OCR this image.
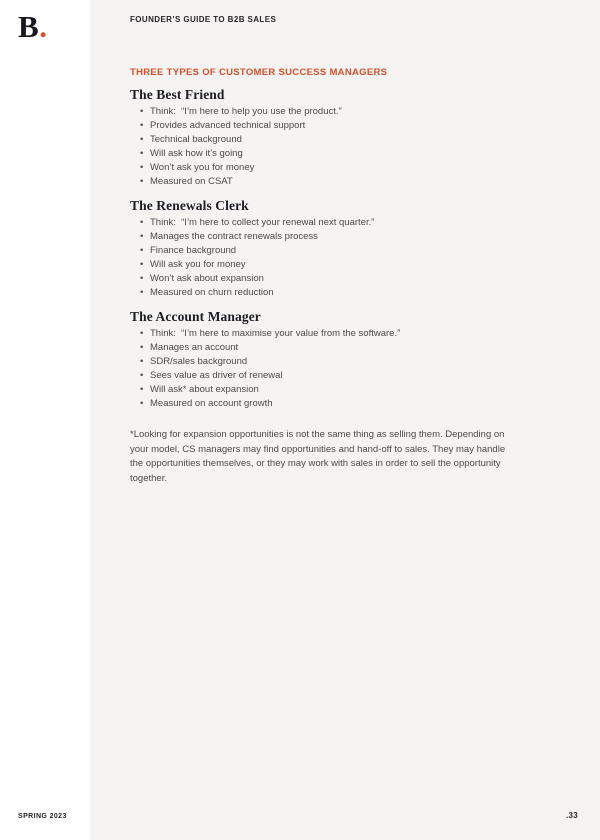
B.
SPRING 2023
FOUNDER’S GUIDE TO B2B SALES
THREE TYPES OF CUSTOMER SUCCESS MANAGERS
The Best Friend
• Think:  “I’m here to help you use the product.”
• Provides advanced technical support
• Technical background
• Will ask how it’s going
• Won’t ask you for money
• Measured on CSAT
The Renewals Clerk
• Think:  “I’m here to collect your renewal next quarter.”
• Manages the contract renewals process
• Finance background
• Will ask you for money
• Won’t ask about expansion
• Measured on churn reduction
The Account Manager
• Think:  “I’m here to maximise your value from the software.”
• Manages an account
• SDR/sales background
• Sees value as driver of renewal
• Will ask* about expansion
• Measured on account growth

*Looking for expansion opportunities is not the same thing as selling them. Depending on your model, CS managers may find opportunities and hand-off to sales. They may handle the opportunities themselves, or they may work with sales in order to sell the opportunity together.

.33
